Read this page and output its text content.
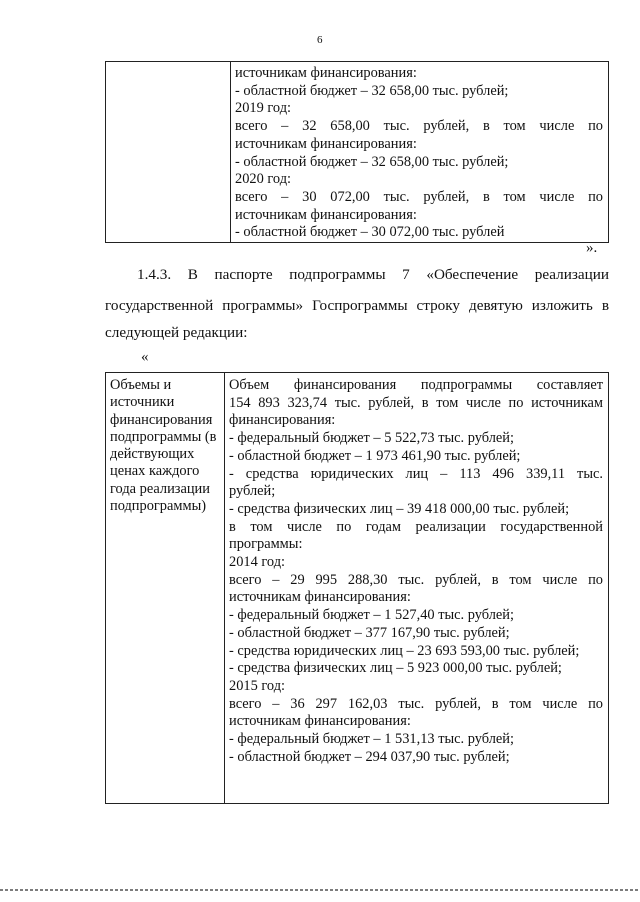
6

источникам финансирования:
- областной бюджет – 32 658,00 тыс. рублей;
2019 год:
всего – 32 658,00 тыс. рублей, в том числе по
источникам финансирования:
- областной бюджет – 32 658,00 тыс. рублей;
2020 год:
всего – 30 072,00 тыс. рублей, в том числе по
источникам финансирования:
- областной бюджет – 30 072,00 тыс. рублей
».
1.4.3. В паспорте подпрограммы 7 «Обеспечение реализации
государственной программы» Госпрограммы строку девятую изложить в
следующей редакции:
«
Объемы и
источники
финансирования
подпрограммы (в
действующих
ценах каждого
года реализации
подпрограммы)

Объем финансирования подпрограммы составляет
154 893 323,74 тыс. рублей, в том числе по источникам
финансирования:
- федеральный бюджет – 5 522,73 тыс. рублей;
- областной бюджет – 1 973 461,90 тыс. рублей;
- средства юридических лиц – 113 496 339,11 тыс.
рублей;
- средства физических лиц – 39 418 000,00 тыс. рублей;
в том числе по годам реализации государственной
программы:
2014 год:
всего – 29 995 288,30 тыс. рублей, в том числе по
источникам финансирования:
- федеральный бюджет – 1 527,40 тыс. рублей;
- областной бюджет – 377 167,90 тыс. рублей;
- средства юридических лиц – 23 693 593,00 тыс. рублей;
- средства физических лиц – 5 923 000,00 тыс. рублей;
2015 год:
всего – 36 297 162,03 тыс. рублей, в том числе по
источникам финансирования:
- федеральный бюджет – 1 531,13 тыс. рублей;
- областной бюджет – 294 037,90 тыс. рублей;
